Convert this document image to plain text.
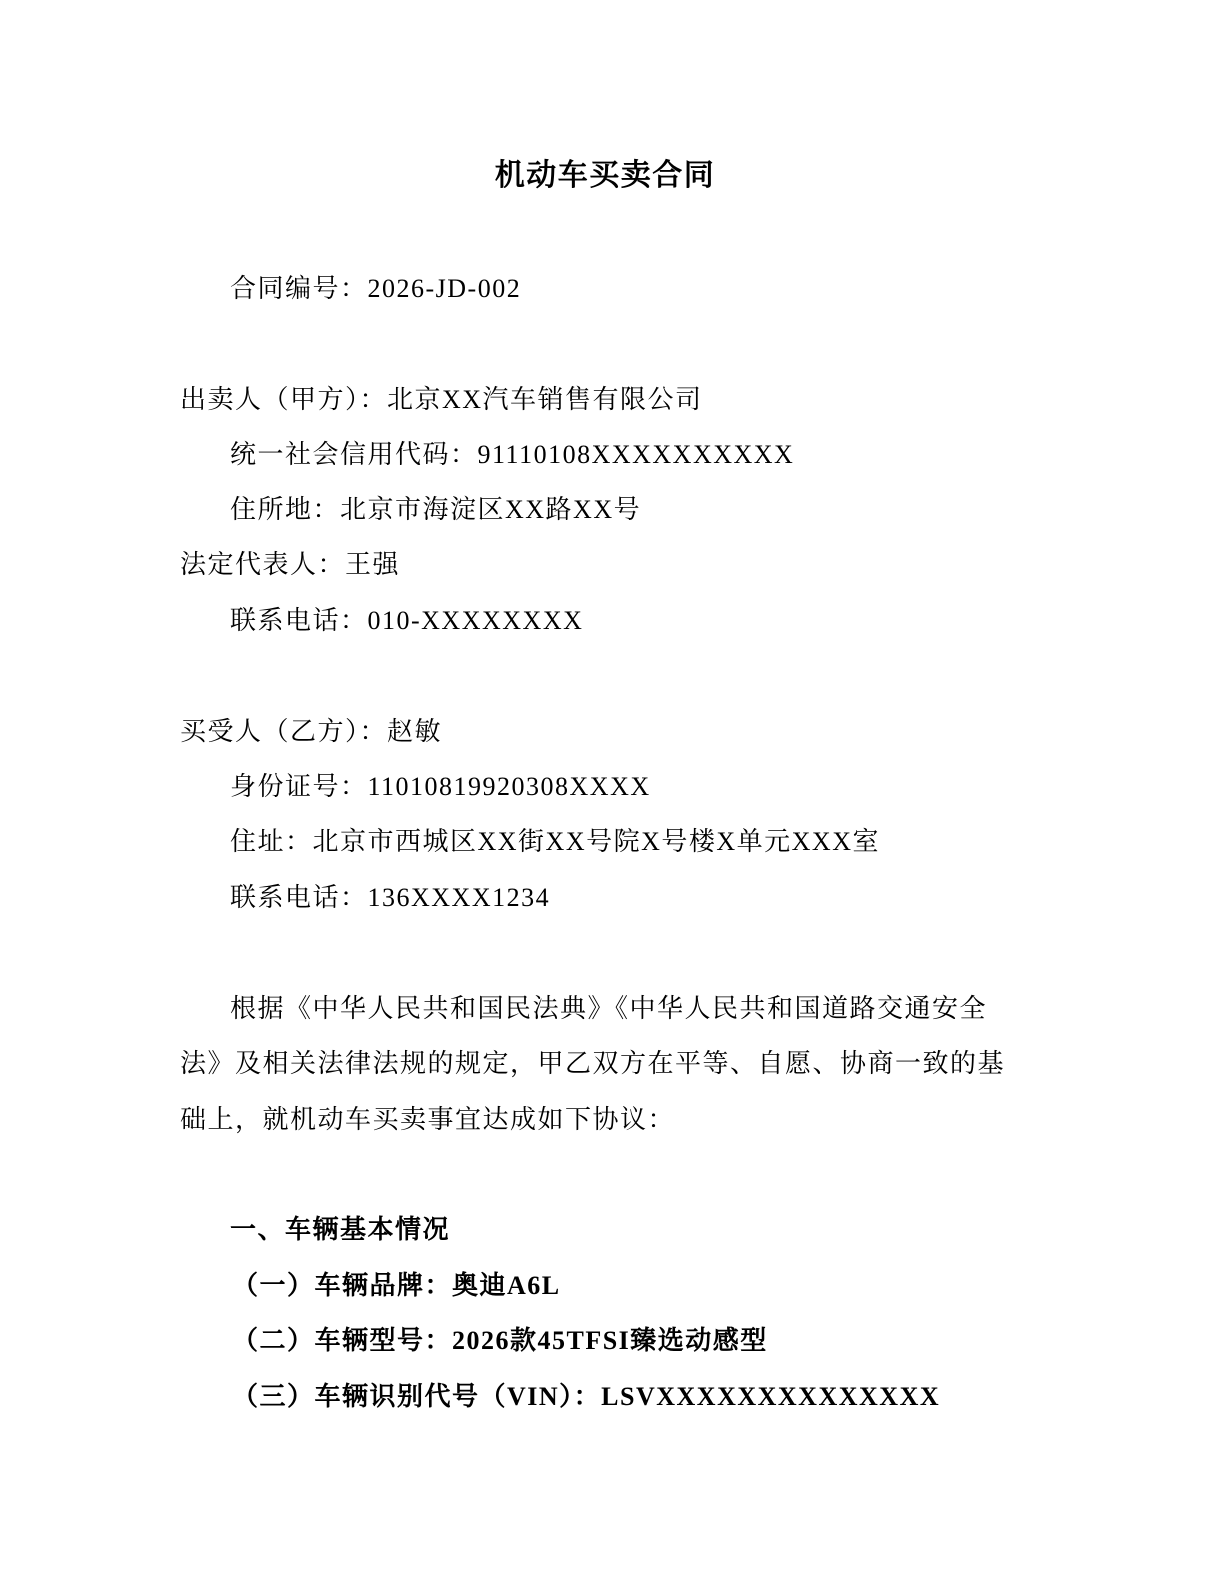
机动车买卖合同
合同编号：2026-JD-002
出卖人（甲方）：北京XX汽车销售有限公司
统一社会信用代码：91110108XXXXXXXXXX
住所地：北京市海淀区XX路XX号
法定代表人：王强
联系电话：010-XXXXXXXX
买受人（乙方）：赵敏
身份证号：11010819920308XXXX
住址：北京市西城区XX街XX号院X号楼X单元XXX室
联系电话：136XXXX1234
根据《中华人民共和国民法典》《中华人民共和国道路交通安全
法》及相关法律法规的规定，甲乙双方在平等、自愿、协商一致的基
础上，就机动车买卖事宜达成如下协议：
一、车辆基本情况
（一）车辆品牌：奥迪A6L
（二）车辆型号：2026款45TFSI臻选动感型
（三）车辆识别代号（VIN）：LSVXXXXXXXXXXXXXX
